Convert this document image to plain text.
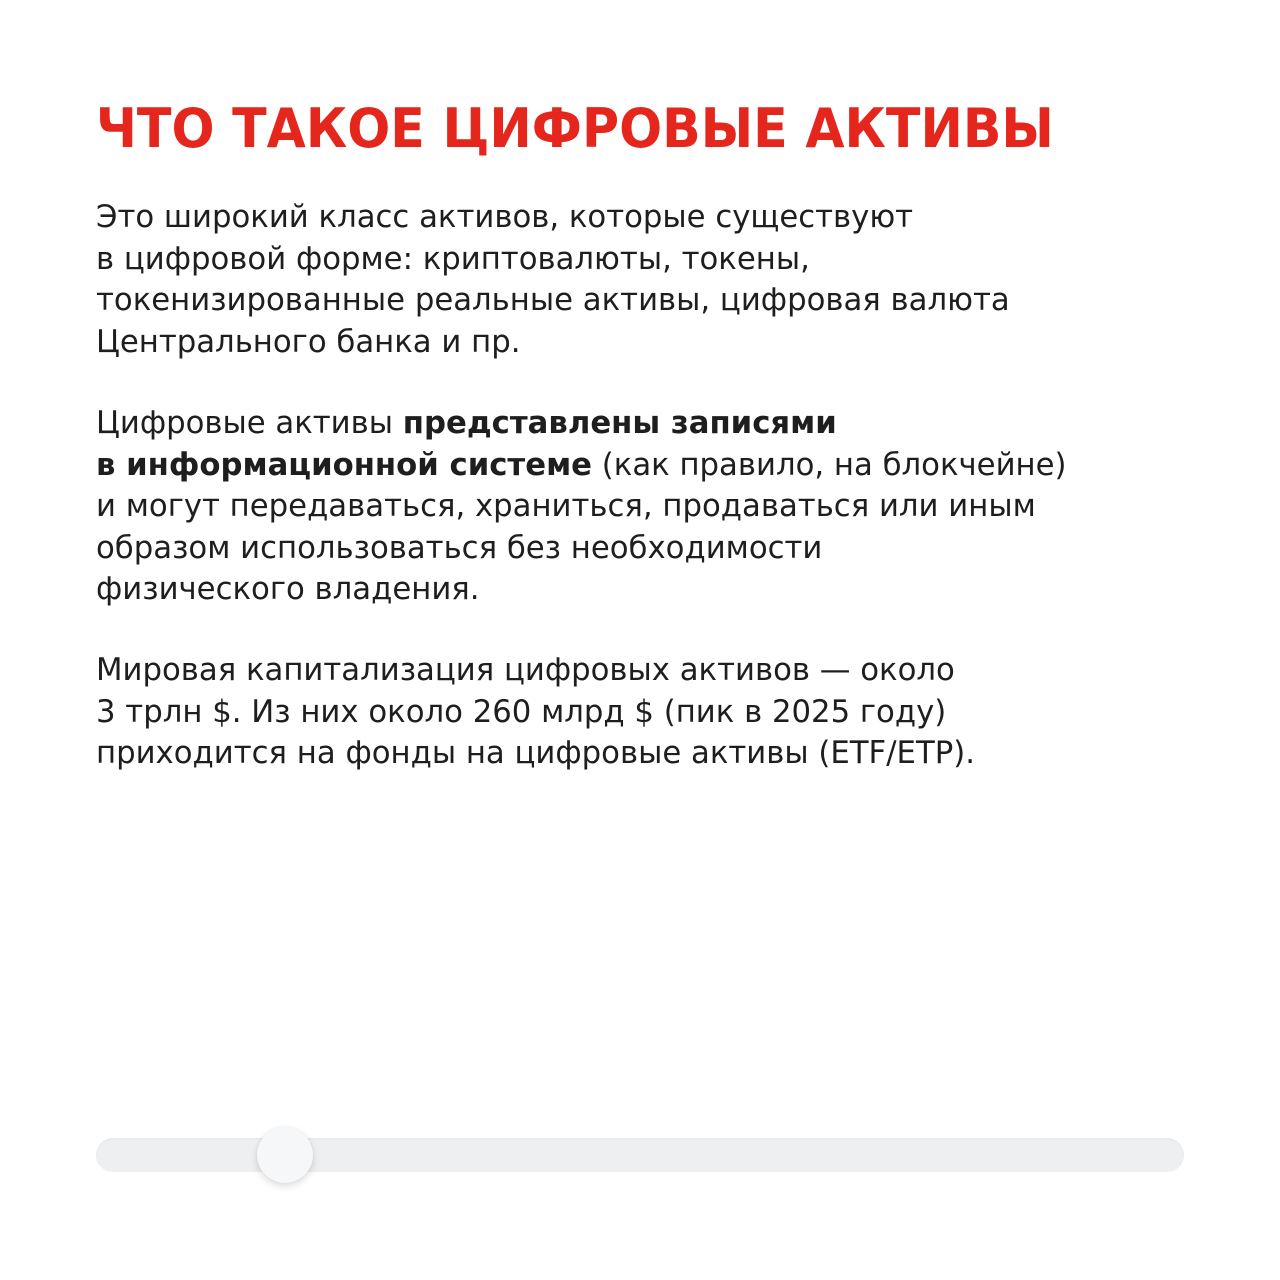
ЧТО ТАКОЕ ЦИФРОВЫЕ АКТИВЫ

Это широкий класс активов, которые существуют
в цифровой форме: криптовалюты, токены,
токенизированные реальные активы, цифровая валюта
Центрального банка и пр.

Цифровые активы представлены записями
в информационной системе (как правило, на блокчейне)
и могут передаваться, храниться, продаваться или иным
образом использоваться без необходимости
физического владения.

Мировая капитализация цифровых активов — около
3 трлн $. Из них около 260 млрд $ (пик в 2025 году)
приходится на фонды на цифровые активы (ETF/ETP).
